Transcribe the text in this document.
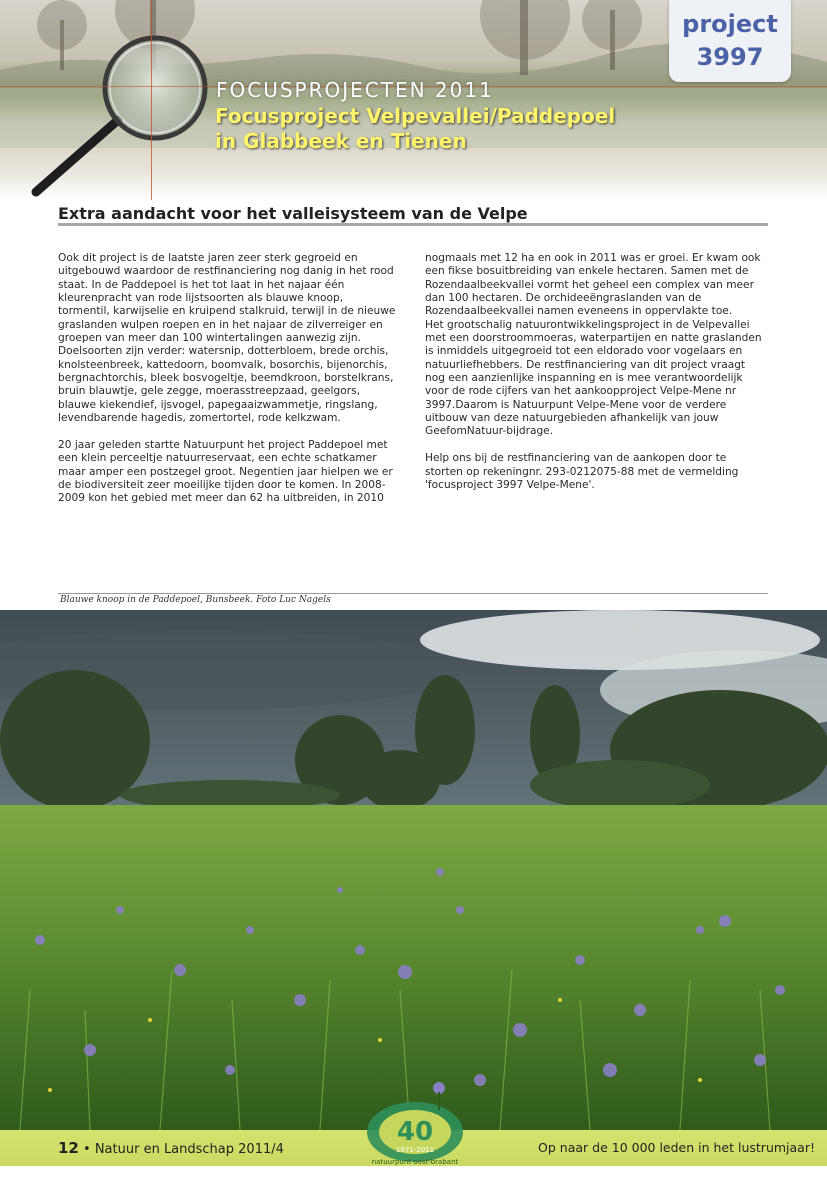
FOCUSPROJECTEN 2011
Focusproject Velpevallei/Paddepoel
in Glabbeek en Tienen
project
3997
Extra aandacht voor het valleisysteem van de Velpe

Ook dit project is de laatste jaren zeer sterk gegroeid en uitgebouwd waardoor de restfinanciering nog danig in het rood staat. In de Paddepoel is het tot laat in het najaar één kleurenpracht van rode lijstsoorten als blauwe knoop, tormentil, karwijselie en kruipend stalkruid, terwijl in de nieuwe graslanden wulpen roepen en in het najaar de zilverreiger en groepen van meer dan 100 wintertalingen aanwezig zijn. Doelsoorten zijn verder: watersnip, dotterbloem, brede orchis, knolsteenbreek, kattedoorn, boomvalk, bosorchis, bijenorchis, bergnachtorchis, bleek bosvogeltje, beemdkroon, borstelkrans, bruin blauwtje, gele zegge, moerasstreepzaad, geelgors, blauwe kiekendief, ijsvogel, papegaaizwammetje, ringslang, levendbarende hagedis, zomertortel, rode kelkzwam.

20 jaar geleden startte Natuurpunt het project Paddepoel met een klein perceeltje natuurreservaat, een echte schatkamer maar amper een postzegel groot. Negentien jaar hielpen we er de biodiversiteit zeer moeilijke tijden door te komen. In 2008-2009 kon het gebied met meer dan 62 ha uitbreiden, in 2010

nogmaals met 12 ha en ook in 2011 was er groei. Er kwam ook een fikse bosuitbreiding van enkele hectaren. Samen met de Rozendaalbeekvallei vormt het geheel een complex van meer dan 100 hectaren. De orchideeëngraslanden van de Rozendaalbeekvallei namen eveneens in oppervlakte toe.

Het grootschalig natuurontwikkelingsproject in de Velpevallei met een doorstroommoeras, waterpartijen en natte graslanden is inmiddels uitgegroeid tot een eldorado voor vogelaars en natuurliefhebbers. De restfinanciering van dit project vraagt nog een aanzienlijke inspanning en is mee verantwoordelijk voor de rode cijfers van het aankoopproject Velpe-Mene nr 3997.Daarom is Natuurpunt Velpe-Mene voor de verdere uitbouw van deze natuurgebieden afhankelijk van jouw GeefomNatuur-bijdrage.

Help ons bij de restfinanciering van de aankopen door te storten op rekeningnr. 293-0212075-88 met de vermelding 'focusproject 3997 Velpe-Mene'.

Blauwe knoop in de Paddepoel, Bunsbeek. Foto Luc Nagels
12 • Natuur en Landschap 2011/4	Op naar de 10 000 leden in het lustrumjaar!
40
1971-2011
natuurpunt oost-brabant
